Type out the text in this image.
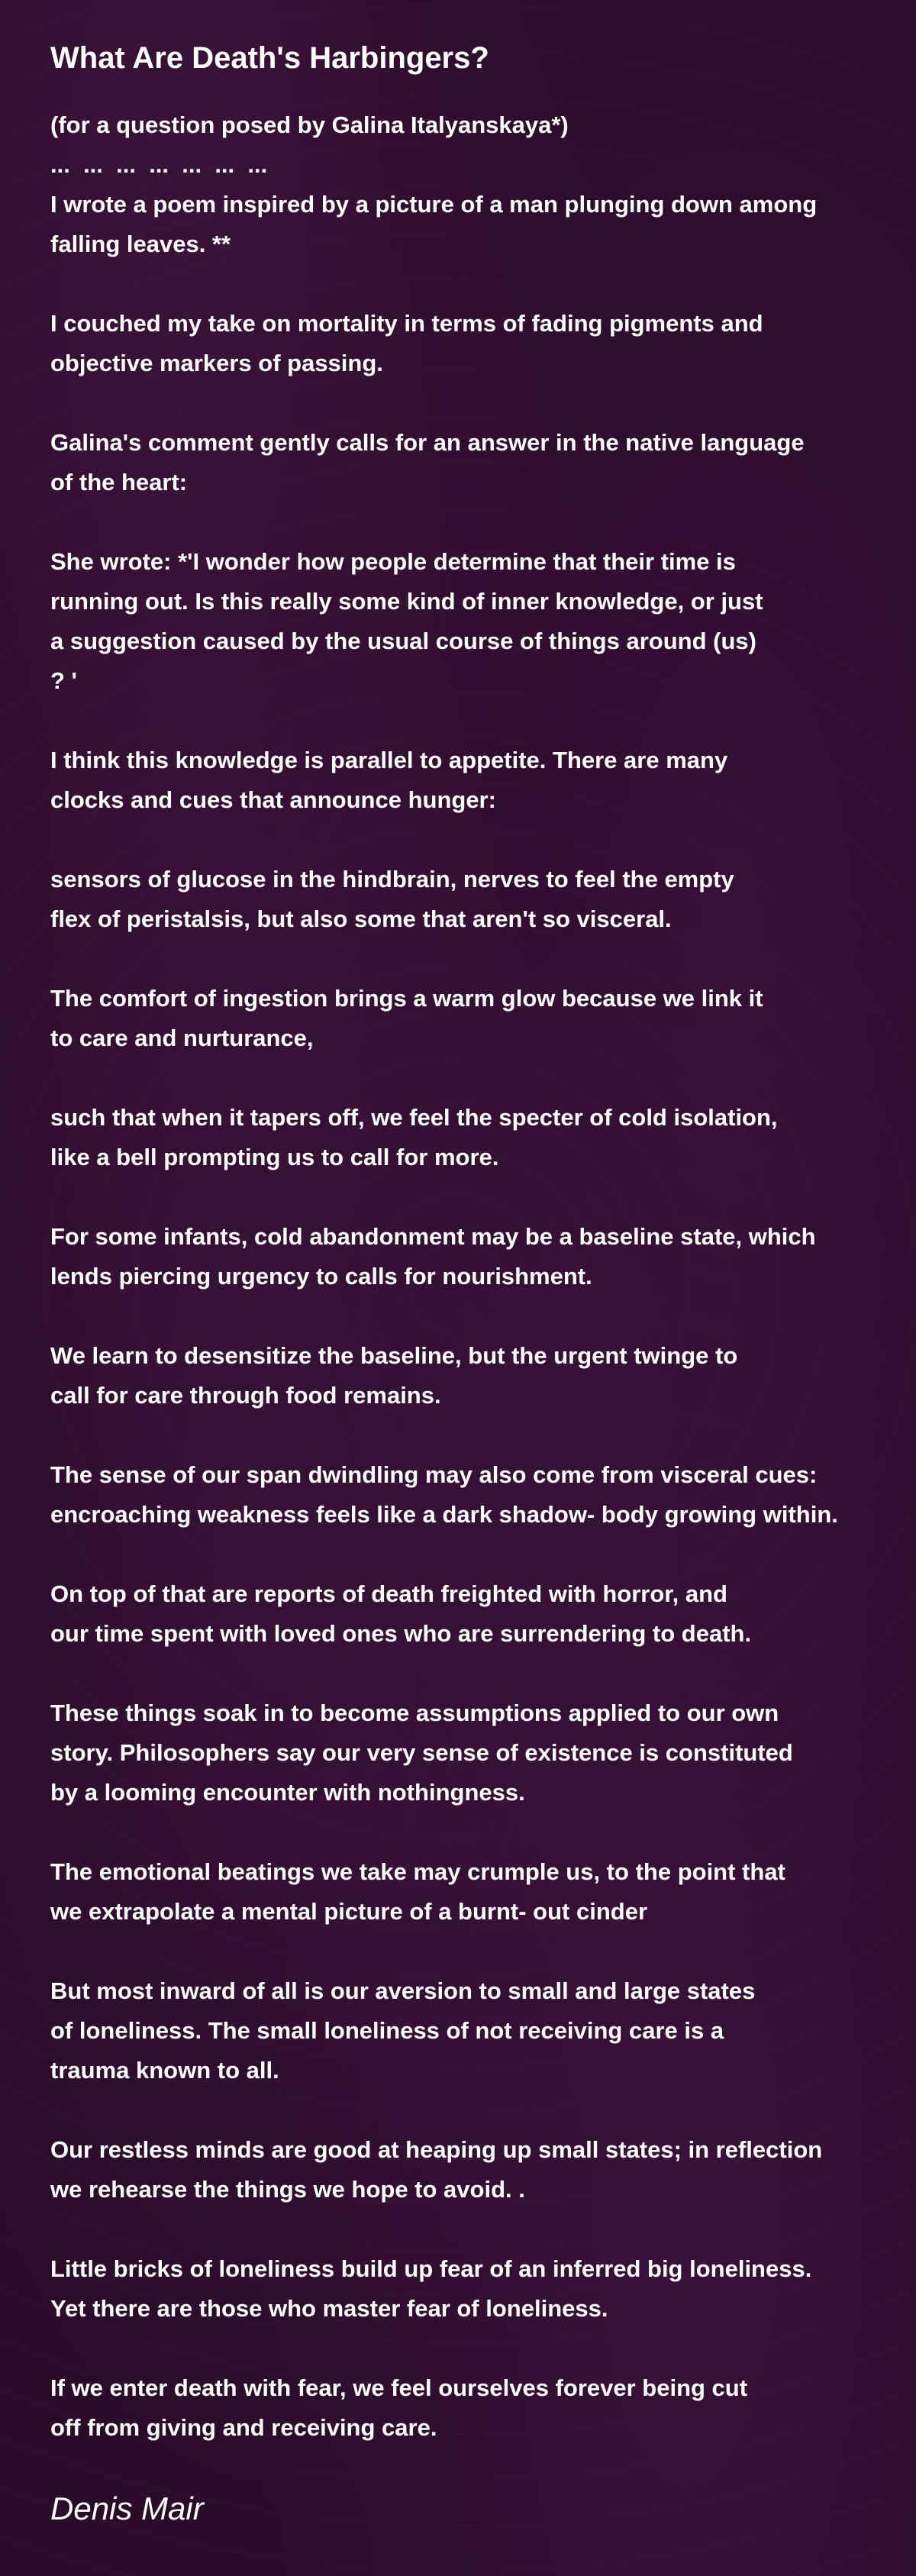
What Are Death's Harbingers?
(for a question posed by Galina Italyanskaya*)
...  ...  ...  ...  ...  ...  ...
I wrote a poem inspired by a picture of a man plunging down among
falling leaves. **
I couched my take on mortality in terms of fading pigments and
objective markers of passing.
Galina's comment gently calls for an answer in the native language
of the heart:
She wrote: *'I wonder how people determine that their time is
running out. Is this really some kind of inner knowledge, or just
a suggestion caused by the usual course of things around (us)
? '
I think this knowledge is parallel to appetite. There are many
clocks and cues that announce hunger:
sensors of glucose in the hindbrain, nerves to feel the empty
flex of peristalsis, but also some that aren't so visceral.
The comfort of ingestion brings a warm glow because we link it
to care and nurturance,
such that when it tapers off, we feel the specter of cold isolation,
like a bell prompting us to call for more.
For some infants, cold abandonment may be a baseline state, which
lends piercing urgency to calls for nourishment.
We learn to desensitize the baseline, but the urgent twinge to
call for care through food remains.
The sense of our span dwindling may also come from visceral cues:
encroaching weakness feels like a dark shadow- body growing within.
On top of that are reports of death freighted with horror, and
our time spent with loved ones who are surrendering to death.
These things soak in to become assumptions applied to our own
story. Philosophers say our very sense of existence is constituted
by a looming encounter with nothingness.
The emotional beatings we take may crumple us, to the point that
we extrapolate a mental picture of a burnt- out cinder
But most inward of all is our aversion to small and large states
of loneliness. The small loneliness of not receiving care is a
trauma known to all.
Our restless minds are good at heaping up small states; in reflection
we rehearse the things we hope to avoid. .
Little bricks of loneliness build up fear of an inferred big loneliness.
Yet there are those who master fear of loneliness.
If we enter death with fear, we feel ourselves forever being cut
off from giving and receiving care.
Denis Mair
